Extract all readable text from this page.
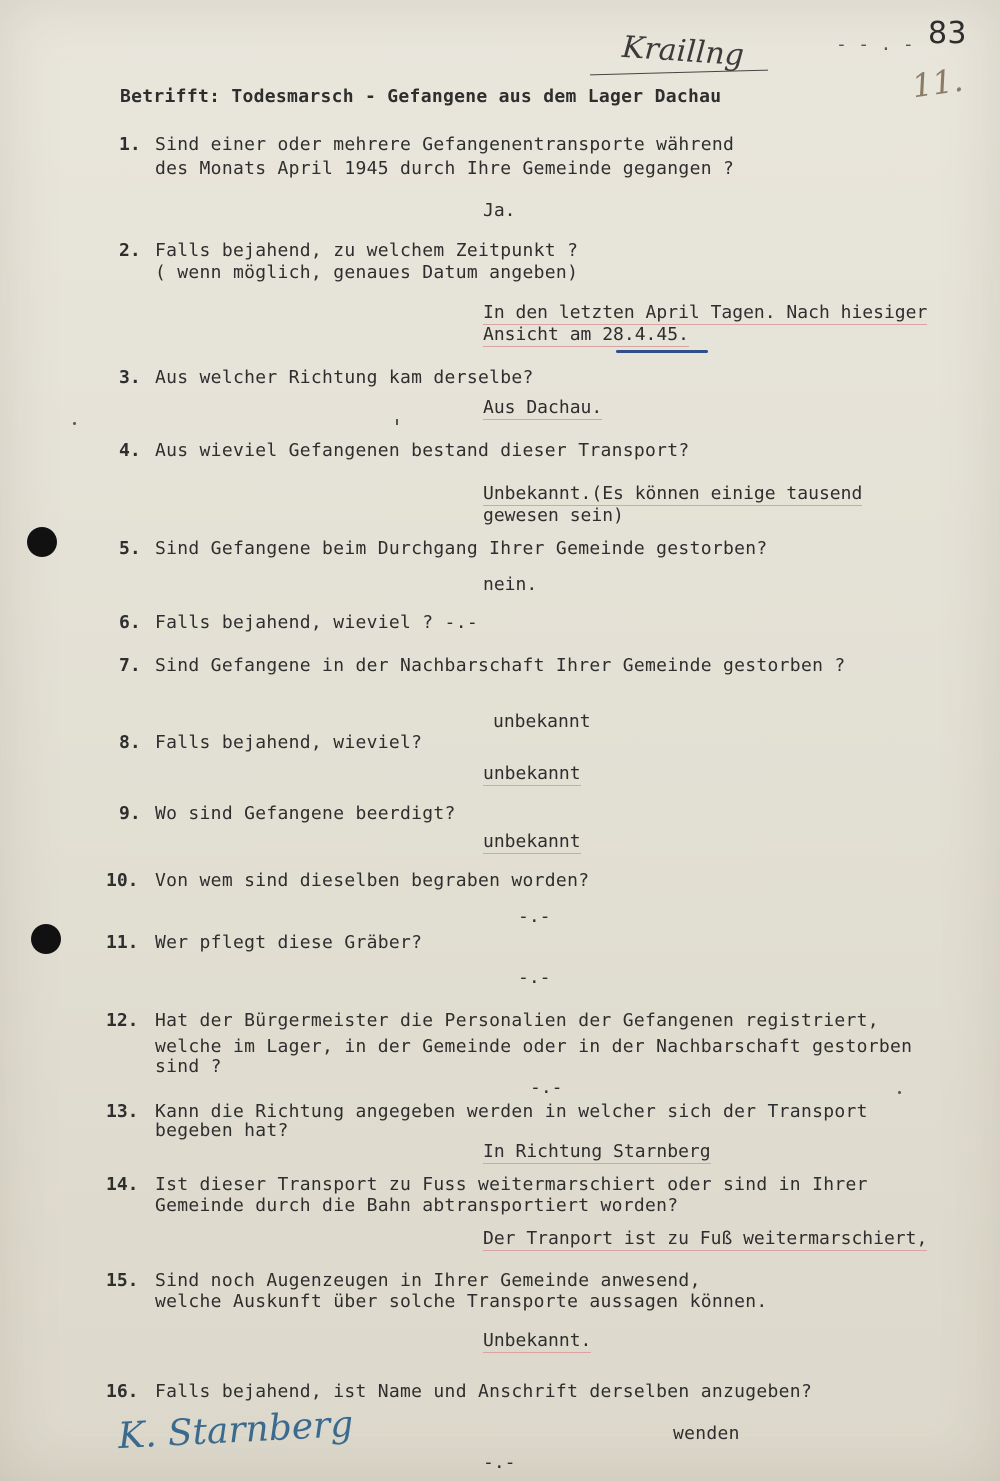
83
- - . -
Kraillng
11.
Betrifft: Todesmarsch - Gefangene aus dem Lager Dachau
1.
2.
3.
4.
5.
6.
7.
8.
9.
10.
11.
12.
13.
14.
15.
16.
Sind einer oder mehrere Gefangenentransporte während
des Monats April 1945 durch Ihre Gemeinde gegangen ?
Falls bejahend, zu welchem Zeitpunkt ?
( wenn möglich, genaues Datum angeben)
Aus welcher Richtung kam derselbe?
Aus wieviel Gefangenen bestand dieser Transport?
Sind Gefangene beim Durchgang Ihrer Gemeinde gestorben?
Falls bejahend, wieviel ? -.-
Sind Gefangene in der Nachbarschaft Ihrer Gemeinde gestorben ?
Falls bejahend, wieviel?
Wo sind Gefangene beerdigt?
Von wem sind dieselben begraben worden?
Wer pflegt diese Gräber?
Hat der Bürgermeister die Personalien der Gefangenen registriert,
welche im Lager, in der Gemeinde oder in der Nachbarschaft gestorben
sind ?
Kann die Richtung angegeben werden in welcher sich der Transport
begeben hat?
Ist dieser Transport zu Fuss weitermarschiert oder sind in Ihrer
Gemeinde durch die Bahn abtransportiert worden?
Sind noch Augenzeugen in Ihrer Gemeinde anwesend,
welche Auskunft über solche Transporte aussagen können.
Falls bejahend, ist Name und Anschrift derselben anzugeben?
Ja.
In den letzten April Tagen. Nach hiesiger
Ansicht am 28.4.45.
Aus Dachau.
Unbekannt.(Es können einige tausend
gewesen sein)
nein.
unbekannt
unbekannt
unbekannt
-.-
-.-
-.-
In Richtung Starnberg
Der Tranport ist zu Fuß weitermarschiert,
Unbekannt.
-.-
wenden
K. Starnberg
